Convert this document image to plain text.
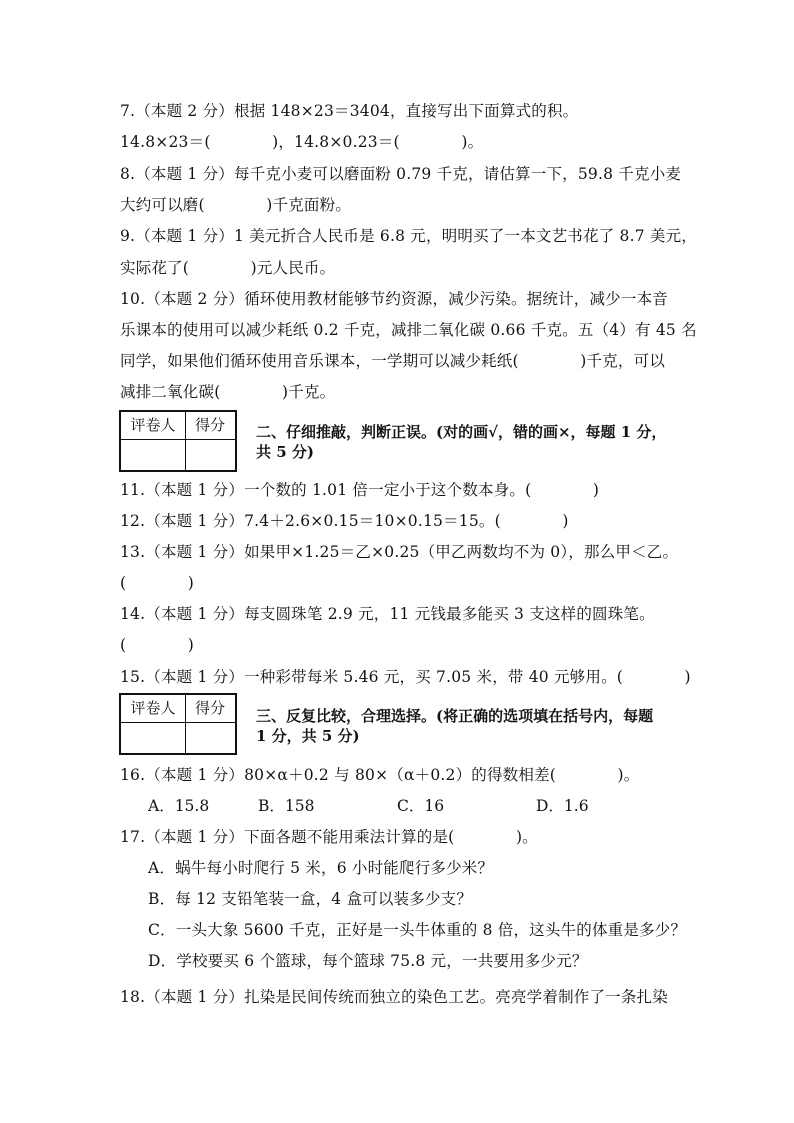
7.（本题 2 分）根据 148×23＝3404，直接写出下面算式的积。
14.8×23＝(            )，14.8×0.23＝(            )。
8.（本题 1 分）每千克小麦可以磨面粉 0.79 千克，请估算一下，59.8 千克小麦
大约可以磨(            )千克面粉。
9.（本题 1 分）1 美元折合人民币是 6.8 元，明明买了一本文艺书花了 8.7 美元，
实际花了(            )元人民币。
10.（本题 2 分）循环使用教材能够节约资源，减少污染。据统计，减少一本音
乐课本的使用可以减少耗纸 0.2 千克，减排二氧化碳 0.66 千克。五（4）有 45 名
同学，如果他们循环使用音乐课本，一学期可以减少耗纸(            )千克，可以
减排二氧化碳(            )千克。
评卷人	得分	二、仔细推敲，判断正误。(对的画√，错的画×，每题 1 分，
共 5 分)
11.（本题 1 分）一个数的 1.01 倍一定小于这个数本身。(            )
12.（本题 1 分）7.4＋2.6×0.15＝10×0.15＝15。(            )
13.（本题 1 分）如果甲×1.25＝乙×0.25（甲乙两数均不为 0），那么甲＜乙。
(            )
14.（本题 1 分）每支圆珠笔 2.9 元，11 元钱最多能买 3 支这样的圆珠笔。
(            )
15.（本题 1 分）一种彩带每米 5.46 元，买 7.05 米，带 40 元够用。(            )
评卷人	得分	三、反复比较，合理选择。(将正确的选项填在括号内，每题
1 分，共 5 分)
16.（本题 1 分）80×α＋0.2 与 80×（α＋0.2）的得数相差(            )。
A．15.8	B．158	C．16	D．1.6
17.（本题 1 分）下面各题不能用乘法计算的是(            )。
A．蜗牛每小时爬行 5 米，6 小时能爬行多少米？
B．每 12 支铅笔装一盒，4 盒可以装多少支？
C．一头大象 5600 千克，正好是一头牛体重的 8 倍，这头牛的体重是多少？
D．学校要买 6 个篮球，每个篮球 75.8 元，一共要用多少元？
18.（本题 1 分）扎染是民间传统而独立的染色工艺。亮亮学着制作了一条扎染
